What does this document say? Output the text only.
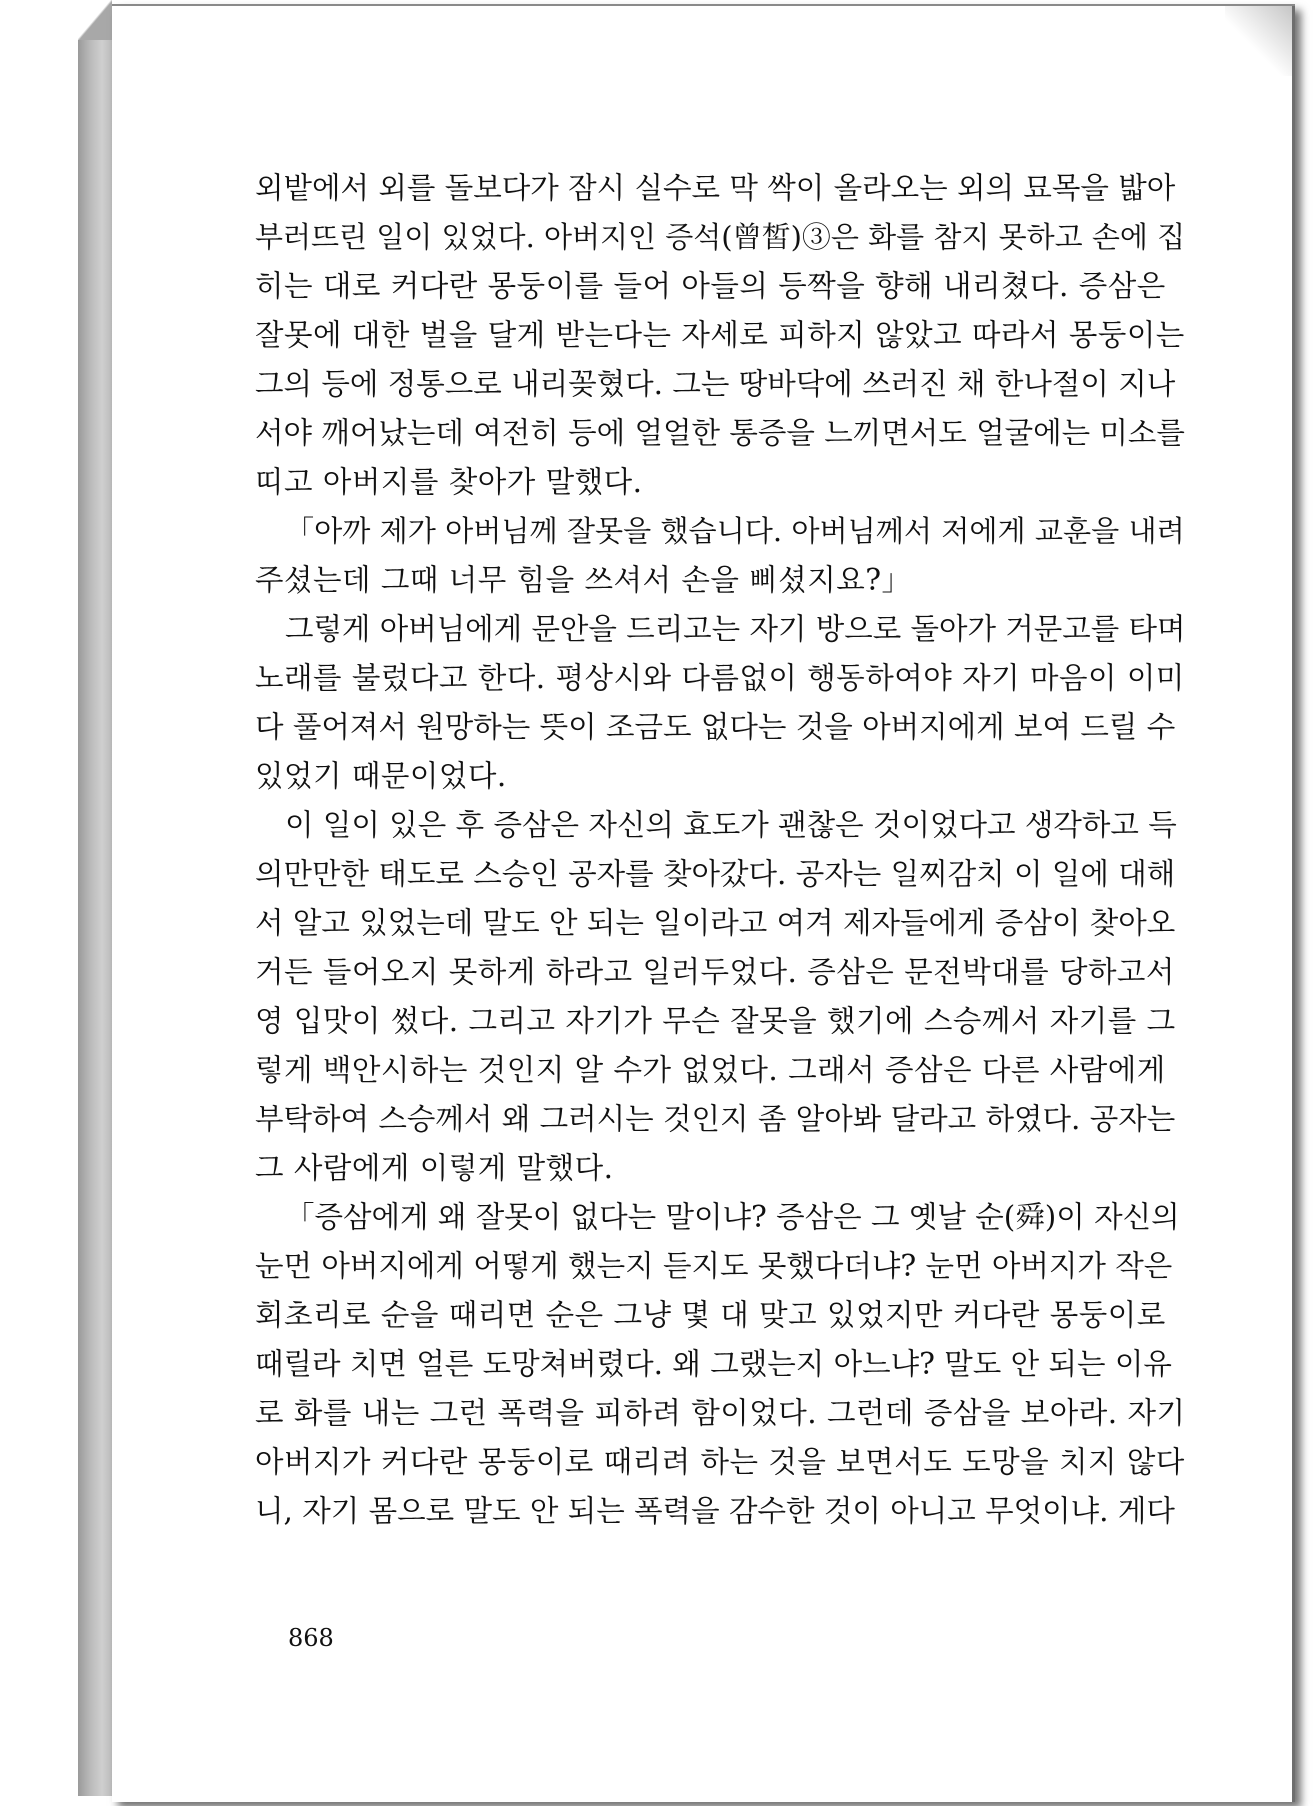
외밭에서 외를 돌보다가 잠시 실수로 막 싹이 올라오는 외의 묘목을 밟아
부러뜨린 일이 있었다. 아버지인 증석(曾皙)③은 화를 참지 못하고 손에 집
히는 대로 커다란 몽둥이를 들어 아들의 등짝을 향해 내리쳤다. 증삼은
잘못에 대한 벌을 달게 받는다는 자세로 피하지 않았고 따라서 몽둥이는
그의 등에 정통으로 내리꽂혔다. 그는 땅바닥에 쓰러진 채 한나절이 지나
서야 깨어났는데 여전히 등에 얼얼한 통증을 느끼면서도 얼굴에는 미소를
띠고 아버지를 찾아가 말했다.
「아까 제가 아버님께 잘못을 했습니다. 아버님께서 저에게 교훈을 내려
주셨는데 그때 너무 힘을 쓰셔서 손을 삐셨지요?」
그렇게 아버님에게 문안을 드리고는 자기 방으로 돌아가 거문고를 타며
노래를 불렀다고 한다. 평상시와 다름없이 행동하여야 자기 마음이 이미
다 풀어져서 원망하는 뜻이 조금도 없다는 것을 아버지에게 보여 드릴 수
있었기 때문이었다.
이 일이 있은 후 증삼은 자신의 효도가 괜찮은 것이었다고 생각하고 득
의만만한 태도로 스승인 공자를 찾아갔다. 공자는 일찌감치 이 일에 대해
서 알고 있었는데 말도 안 되는 일이라고 여겨 제자들에게 증삼이 찾아오
거든 들어오지 못하게 하라고 일러두었다. 증삼은 문전박대를 당하고서
영 입맛이 썼다. 그리고 자기가 무슨 잘못을 했기에 스승께서 자기를 그
렇게 백안시하는 것인지 알 수가 없었다. 그래서 증삼은 다른 사람에게
부탁하여 스승께서 왜 그러시는 것인지 좀 알아봐 달라고 하였다. 공자는
그 사람에게 이렇게 말했다.
「증삼에게 왜 잘못이 없다는 말이냐? 증삼은 그 옛날 순(舜)이 자신의
눈먼 아버지에게 어떻게 했는지 듣지도 못했다더냐? 눈먼 아버지가 작은
회초리로 순을 때리면 순은 그냥 몇 대 맞고 있었지만 커다란 몽둥이로
때릴라 치면 얼른 도망쳐버렸다. 왜 그랬는지 아느냐? 말도 안 되는 이유
로 화를 내는 그런 폭력을 피하려 함이었다. 그런데 증삼을 보아라. 자기
아버지가 커다란 몽둥이로 때리려 하는 것을 보면서도 도망을 치지 않다
니, 자기 몸으로 말도 안 되는 폭력을 감수한 것이 아니고 무엇이냐. 게다
868
